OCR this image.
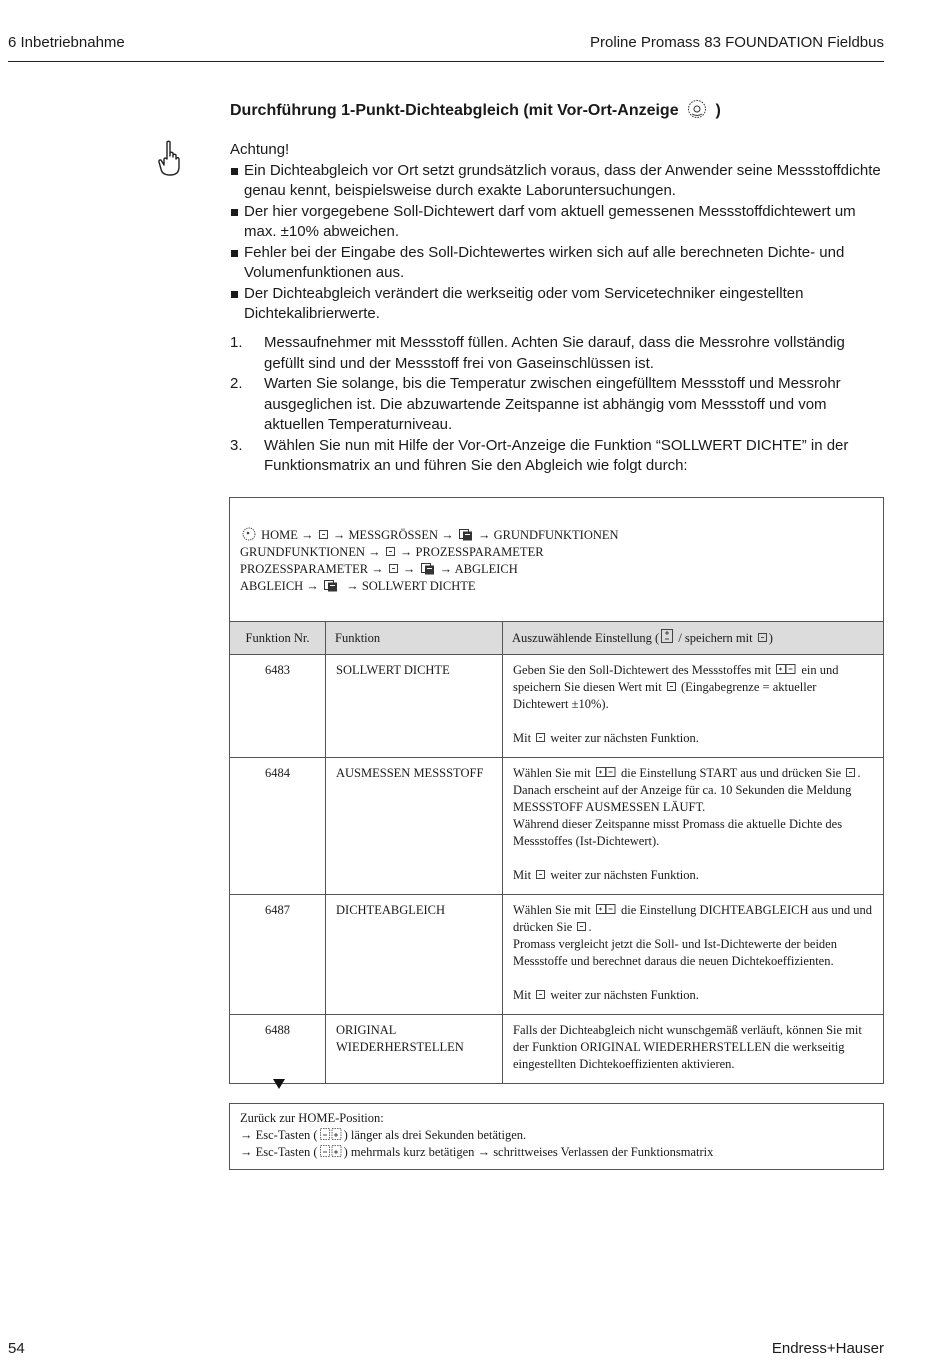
6 Inbetriebnahme	Proline Promass 83 FOUNDATION Fieldbus
Durchführung 1-Punkt-Dichteabgleich (mit Vor-Ort-Anzeige )
Achtung!
Ein Dichteabgleich vor Ort setzt grundsätzlich voraus, dass der Anwender seine Messstoffdichte genau kennt, beispielsweise durch exakte Laboruntersuchungen.
Der hier vorgegebene Soll-Dichtewert darf vom aktuell gemessenen Messstoffdichtewert um max. ±10% abweichen.
Fehler bei der Eingabe des Soll-Dichtewertes wirken sich auf alle berechneten Dichte- und Volumenfunktionen aus.
Der Dichteabgleich verändert die werkseitig oder vom Servicetechniker eingestellten Dichtekalibrierwerte.
1. Messaufnehmer mit Messstoff füllen. Achten Sie darauf, dass die Messrohre vollständig gefüllt sind und der Messstoff frei von Gaseinschlüssen ist.
2. Warten Sie solange, bis die Temperatur zwischen eingefülltem Messstoff und Messrohr ausgeglichen ist. Die abzuwartende Zeitspanne ist abhängig vom Messstoff und vom aktuellen Temperaturniveau.
3. Wählen Sie nun mit Hilfe der Vor-Ort-Anzeige die Funktion “SOLLWERT DICHTE” in der Funktionsmatrix an und führen Sie den Abgleich wie folgt durch:
HOME → → MESSGRÖSSEN → → GRUNDFUNKTIONEN
GRUNDFUNKTIONEN → → PROZESSPARAMETER
PROZESSPARAMETER → → → ABGLEICH
ABGLEICH → → SOLLWERT DICHTE		

Funktion Nr.	Funktion	Auszuwählende Einstellung ( / speichern mit )
6483	SOLLWERT DICHTE	Geben Sie den Soll-Dichtewert des Messstoffes mit ein und speichern Sie diesen Wert mit (Eingabegrenze = aktueller Dichtewert ±10%).
Mit weiter zur nächsten Funktion.

6484	AUSMESSEN MESSSTOFF	Wählen Sie mit die Einstellung START aus und drücken Sie . Danach erscheint auf der Anzeige für ca. 10 Sekunden die Meldung MESSSTOFF AUSMESSEN LÄUFT.
Während dieser Zeitspanne misst Promass die aktuelle Dichte des Messstoffes (Ist-Dichtewert).
Mit weiter zur nächsten Funktion.

6487	DICHTEABGLEICH	Wählen Sie mit die Einstellung DICHTEABGLEICH aus und und drücken Sie .
Promass vergleicht jetzt die Soll- und Ist-Dichtewerte der beiden Messstoffe und berechnet daraus die neuen Dichtekoeffizienten.
Mit weiter zur nächsten Funktion.

6488	ORIGINAL
WIEDERHERSTELLEN	Falls der Dichteabgleich nicht wunschgemäß verläuft, können Sie mit der Funktion ORIGINAL WIEDERHERSTELLEN die werkseitig eingestellten Dichtekoeffizienten aktivieren.
Zurück zur HOME-Position:
→ Esc-Tasten ( ) länger als drei Sekunden betätigen.
→ Esc-Tasten ( ) mehrmals kurz betätigen → schrittweises Verlassen der Funktionsmatrix
54	Endress+Hauser
